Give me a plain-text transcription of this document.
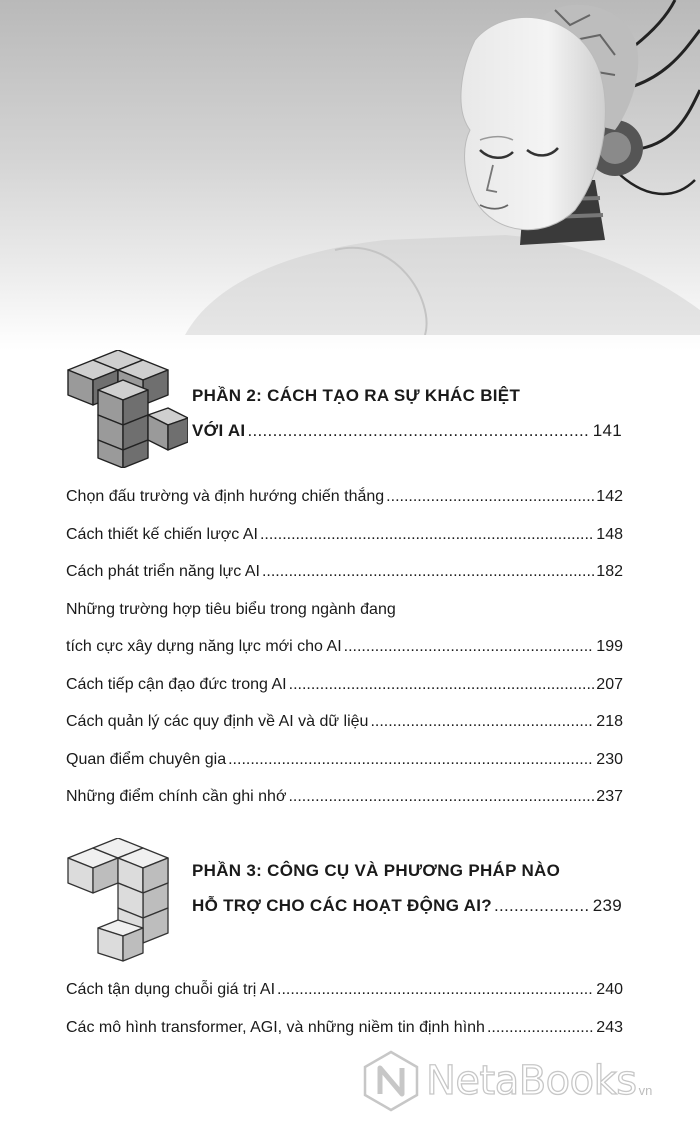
PHẦN 2: CÁCH TẠO RA SỰ KHÁC BIỆT
VỚI AI .....	141
Chọn đấu trường và định hướng chiến thắng .....	142
Cách thiết kế chiến lược AI .....	148
Cách phát triển năng lực AI .....	182
Những trường hợp tiêu biểu trong ngành đang
tích cực xây dựng năng lực mới cho AI .....	199
Cách tiếp cận đạo đức trong AI .....	207
Cách quản lý các quy định về AI và dữ liệu .....	218
Quan điểm chuyên gia .....	230
Những điểm chính cần ghi nhớ .....	237
PHẦN 3: CÔNG CỤ VÀ PHƯƠNG PHÁP NÀO
HỖ TRỢ CHO CÁC HOẠT ĐỘNG AI? .....	239
Cách tận dụng chuỗi giá trị AI .....	240
Các mô hình transformer, AGI, và những niềm tin định hình .....	243
NetaBooks vn
